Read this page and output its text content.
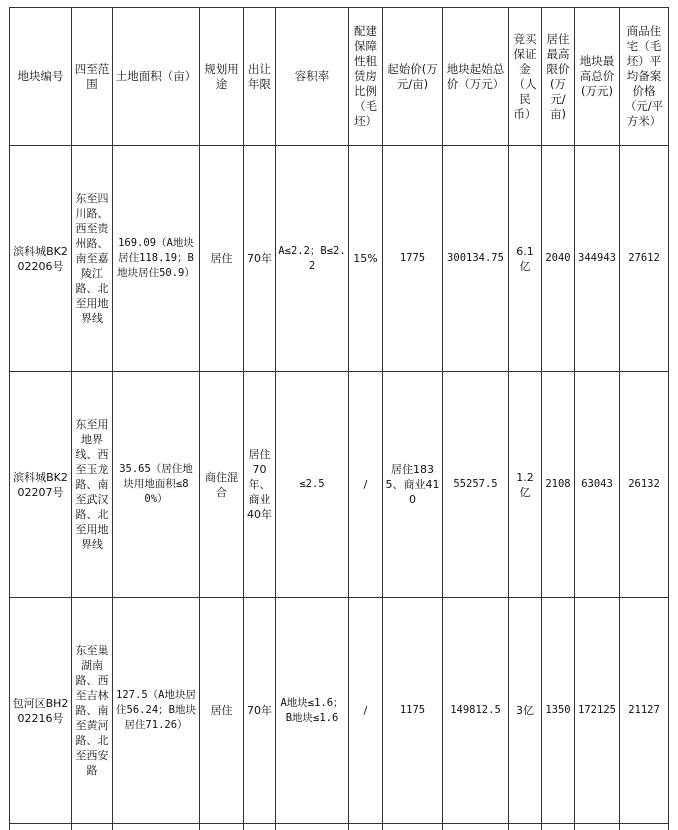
地块编号	四至范围	土地面积（亩）	规划用途	出让年限	容积率	配建保障性租赁房比例（毛坯）	起始价(万元/亩)	地块起始总价（万元）	竞买保证金（人民币）	居住最高限价(万元/亩)	地块最高总价(万元)	商品住宅（毛坯）平均备案价格（元/平方米）
滨科城BK202206号	东至四川路、西至贵州路、南至嘉陵江路、北至用地界线	169.09（A地块居住118.19；B地块居住50.9）	居住	70年	A≤2.2；B≤2.2	15%	1775	300134.75	6.1亿	2040	344943	27612
滨科城BK202207号	东至用地界线、西至玉龙路、南至武汉路、北至用地界线	35.65（居住地块用地面积≤80%）	商住混合	居住70年、商业40年	≤2.5	/	居住1835、商业410	55257.5	1.2亿	2108	63043	26132
包河区BH202216号	东至巢湖南路、西至吉林路、南至黄河路、北至西安路	127.5（A地块居住56.24；B地块居住71.26）	居住	70年	A地块≤1.6；B地块≤1.6	/	1175	149812.5	3亿	1350	172125	21127
